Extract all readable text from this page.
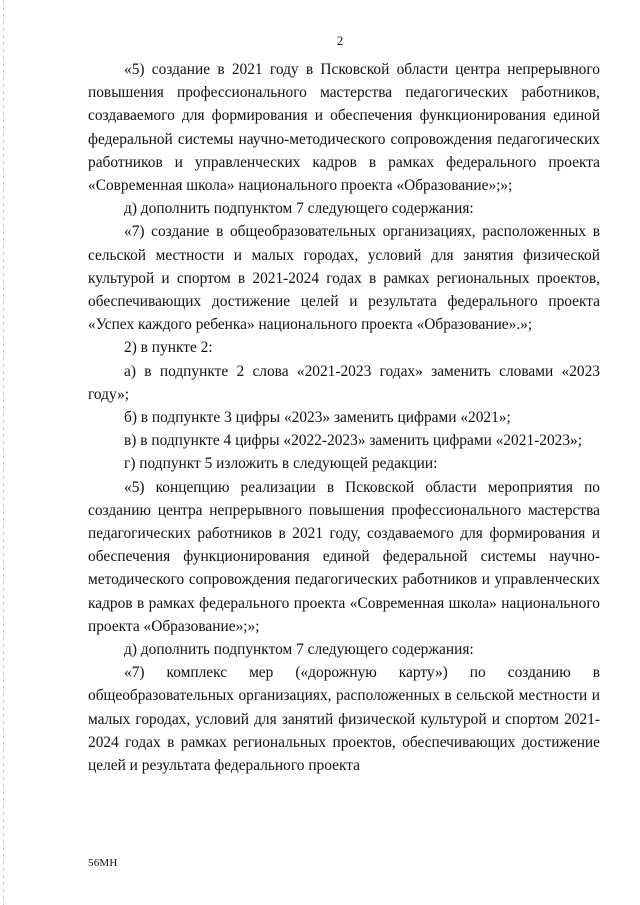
2

«5) создание в 2021 году в Псковской области центра непрерывного повышения профессионального мастерства педагогических работников, создаваемого для формирования и обеспечения функционирования единой федеральной системы научно-методического сопровождения педагогических работников и управленческих кадров в рамках федерального проекта «Современная школа» национального проекта «Образование»;»;

д) дополнить подпунктом 7 следующего содержания:

«7) создание в общеобразовательных организациях, расположенных в сельской местности и малых городах, условий для занятия физической культурой и спортом в 2021-2024 годах в рамках региональных проектов, обеспечивающих достижение целей и результата федерального проекта «Успех каждого ребенка» национального проекта «Образование».»;

2) в пункте 2:

а) в подпункте 2 слова «2021-2023 годах» заменить словами «2023 году»;

б) в подпункте 3 цифры «2023» заменить цифрами «2021»;

в) в подпункте 4 цифры «2022-2023» заменить цифрами «2021-2023»;

г) подпункт 5 изложить в следующей редакции:

«5) концепцию реализации в Псковской области мероприятия по созданию центра непрерывного повышения профессионального мастерства педагогических работников в 2021 году, создаваемого для формирования и обеспечения функционирования единой федеральной системы научно-методического сопровождения педагогических работников и управленческих кадров в рамках федерального проекта «Современная школа» национального проекта «Образование»;»;

д) дополнить подпунктом 7 следующего содержания:

«7) комплекс мер («дорожную карту») по созданию в общеобразовательных организациях, расположенных в сельской местности и малых городах, условий для занятий физической культурой и спортом 2021-2024 годах в рамках региональных проектов, обеспечивающих достижение целей и результата федерального проекта

56МН
